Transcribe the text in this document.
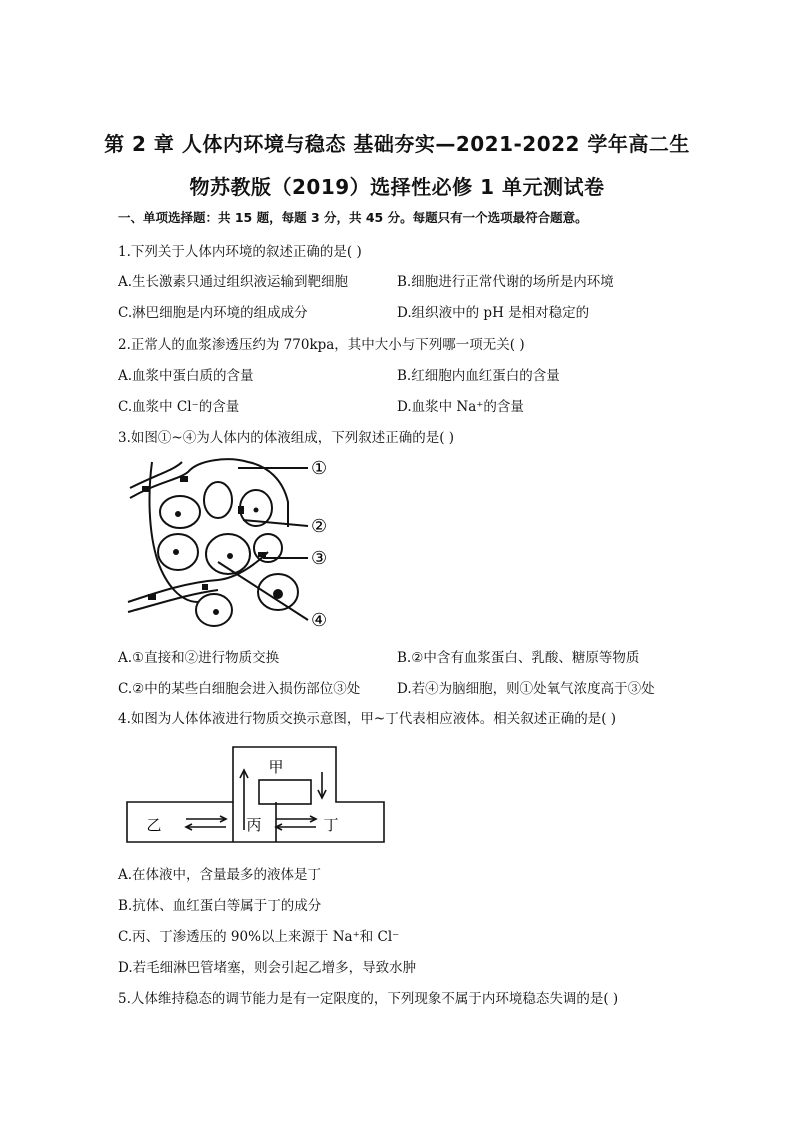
第 2 章 人体内环境与稳态 基础夯实—2021-2022 学年高二生
物苏教版（2019）选择性必修 1 单元测试卷
一、单项选择题：共 15 题，每题 3 分，共 45 分。每题只有一个选项最符合题意。
1.下列关于人体内环境的叙述正确的是( )
A.生长激素只通过组织液运输到靶细胞	B.细胞进行正常代谢的场所是内环境
C.淋巴细胞是内环境的组成成分	D.组织液中的 pH 是相对稳定的
2.正常人的血浆渗透压约为 770kpa，其中大小与下列哪一项无关( )
A.血浆中蛋白质的含量	B.红细胞内血红蛋白的含量
C.血浆中 Cl⁻的含量	D.血浆中 Na⁺的含量
3.如图①~④为人体内的体液组成，下列叙述正确的是( )
①
②
③
④
A.①直接和②进行物质交换	B.②中含有血浆蛋白、乳酸、糖原等物质
C.②中的某些白细胞会进入损伤部位③处	D.若④为脑细胞，则①处氧气浓度高于③处
4.如图为人体体液进行物质交换示意图，甲~丁代表相应液体。相关叙述正确的是( )
甲
乙	丙	丁
A.在体液中，含量最多的液体是丁
B.抗体、血红蛋白等属于丁的成分
C.丙、丁渗透压的 90%以上来源于 Na⁺和 Cl⁻
D.若毛细淋巴管堵塞，则会引起乙增多，导致水肿
5.人体维持稳态的调节能力是有一定限度的，下列现象不属于内环境稳态失调的是( )
